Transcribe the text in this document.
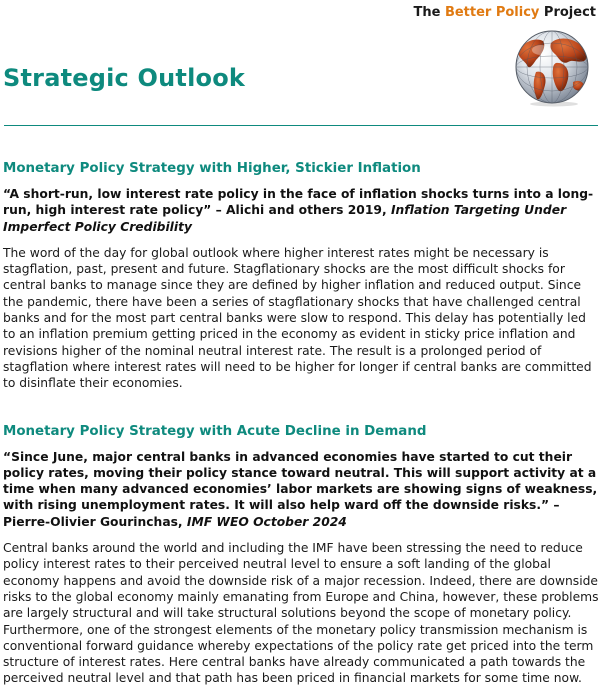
The Better Policy Project
Strategic Outlook
Monetary Policy Strategy with Higher, Stickier Inflation

“A short-run, low interest rate policy in the face of inflation shocks turns into a long-run, high interest rate policy” – Alichi and others 2019, Inflation Targeting Under Imperfect Policy Credibility

The word of the day for global outlook where higher interest rates might be necessary is stagflation, past, present and future. Stagflationary shocks are the most difficult shocks for central banks to manage since they are defined by higher inflation and reduced output. Since the pandemic, there have been a series of stagflationary shocks that have challenged central banks and for the most part central banks were slow to respond. This delay has potentially led to an inflation premium getting priced in the economy as evident in sticky price inflation and revisions higher of the nominal neutral interest rate. The result is a prolonged period of stagflation where interest rates will need to be higher for longer if central banks are committed to disinflate their economies.

Monetary Policy Strategy with Acute Decline in Demand

“Since June, major central banks in advanced economies have started to cut their policy rates, moving their policy stance toward neutral. This will support activity at a time when many advanced economies’ labor markets are showing signs of weakness, with rising unemployment rates. It will also help ward off the downside risks.” – Pierre-Olivier Gourinchas, IMF WEO October 2024

Central banks around the world and including the IMF have been stressing the need to reduce policy interest rates to their perceived neutral level to ensure a soft landing of the global economy happens and avoid the downside risk of a major recession. Indeed, there are downside risks to the global economy mainly emanating from Europe and China, however, these problems are largely structural and will take structural solutions beyond the scope of monetary policy. Furthermore, one of the strongest elements of the monetary policy transmission mechanism is conventional forward guidance whereby expectations of the policy rate get priced into the term structure of interest rates. Here central banks have already communicated a path towards the perceived neutral level and that path has been priced in financial markets for some time now.
